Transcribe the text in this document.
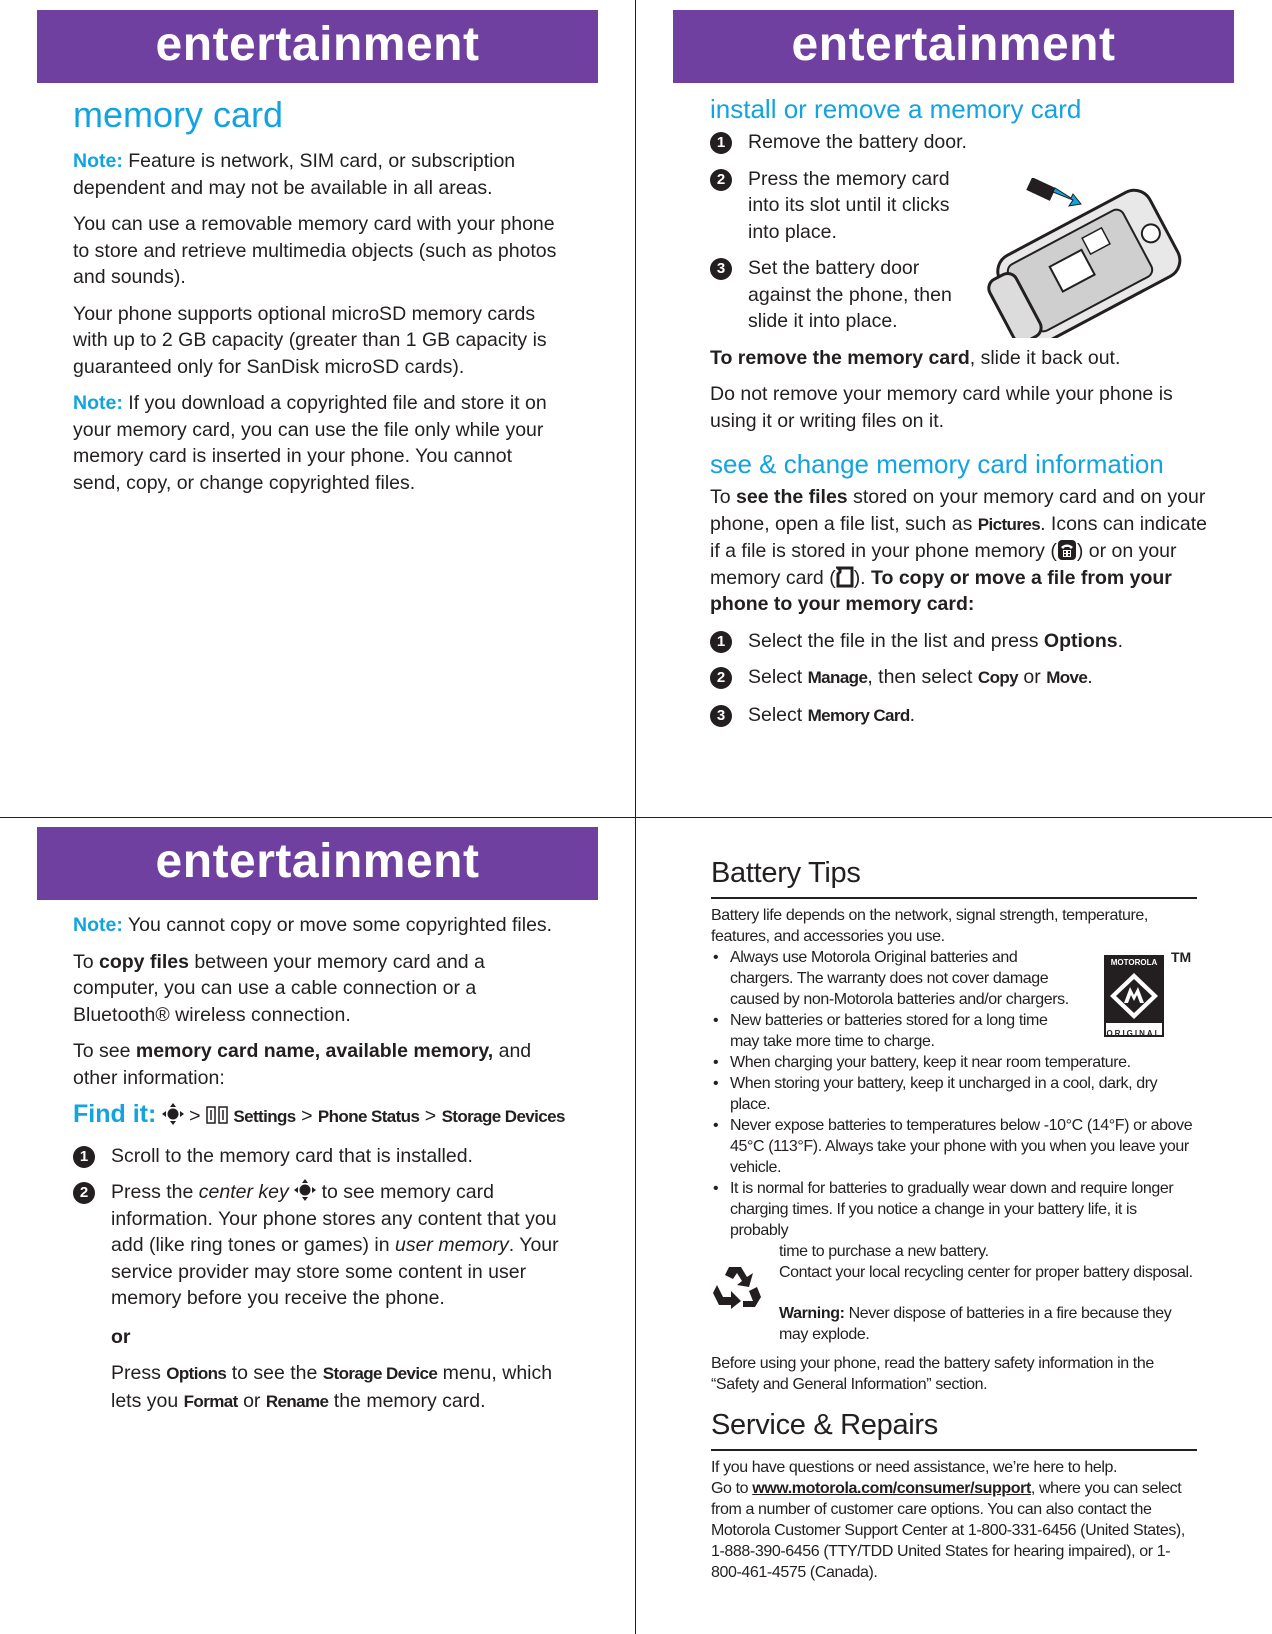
entertainment	entertainment
entertainment
memory card

Note: Feature is network, SIM card, or subscription dependent and may not be available in all areas.

You can use a removable memory card with your phone to store and retrieve multimedia objects (such as photos and sounds).

Your phone supports optional microSD memory cards with up to 2 GB capacity (greater than 1 GB capacity is guaranteed only for SanDisk microSD cards).

Note: If you download a copyrighted file and store it on your memory card, you can use the file only while your memory card is inserted in your phone. You cannot send, copy, or change copyrighted files.

install or remove a memory card
1	Remove the battery door.
2	Press the memory card into its slot until it clicks into place.
3	Set the battery door against the phone, then slide it into place.

To remove the memory card, slide it back out.

Do not remove your memory card while your phone is using it or writing files on it.

see & change memory card information

To see the files stored on your memory card and on your phone, open a file list, such as Pictures. Icons can indicate if a file is stored in your phone memory ( ) or on your memory card ( ). To copy or move a file from your phone to your memory card:

1	Select the file in the list and press Options.
2	Select Manage, then select Copy or Move.
3	Select Memory Card.

Note: You cannot copy or move some copyrighted files.

To copy files between your memory card and a computer, you can use a cable connection or a Bluetooth® wireless connection.

To see memory card name, available memory, and other information:

Find it: > Settings > Phone Status > Storage Devices

1	Scroll to the memory card that is installed.
2	Press the center key  to see memory card information. Your phone stores any content that you add (like ring tones or games) in user memory. Your service provider may store some content in user memory before you receive the phone.

or

Press Options to see the Storage Device menu, which lets you Format or Rename the memory card.

Battery Tips
Battery life depends on the network, signal strength, temperature, features, and accessories you use.
• Always use Motorola Original batteries and chargers. The warranty does not cover damage caused by non-Motorola batteries and/or chargers.
• New batteries or batteries stored for a long time may take more time to charge.
• When charging your battery, keep it near room temperature.
• When storing your battery, keep it uncharged in a cool, dark, dry place.
• Never expose batteries to temperatures below -10°C (14°F) or above 45°C (113°F). Always take your phone with you when you leave your vehicle.
• It is normal for batteries to gradually wear down and require longer charging times. If you notice a change in your battery life, it is probably
time to purchase a new battery.
Contact your local recycling center for proper battery disposal.
Warning: Never dispose of batteries in a fire because they may explode.
Before using your phone, read the battery safety information in the “Safety and General Information” section.
Service & Repairs
If you have questions or need assistance, we’re here to help.
Go to www.motorola.com/consumer/support, where you can select from a number of customer care options. You can also contact the Motorola Customer Support Center at 1-800-331-6456 (United States), 1-888-390-6456 (TTY/TDD United States for hearing impaired), or 1-800-461-4575 (Canada).
MOTOROLA
ORIGINAL
TM
